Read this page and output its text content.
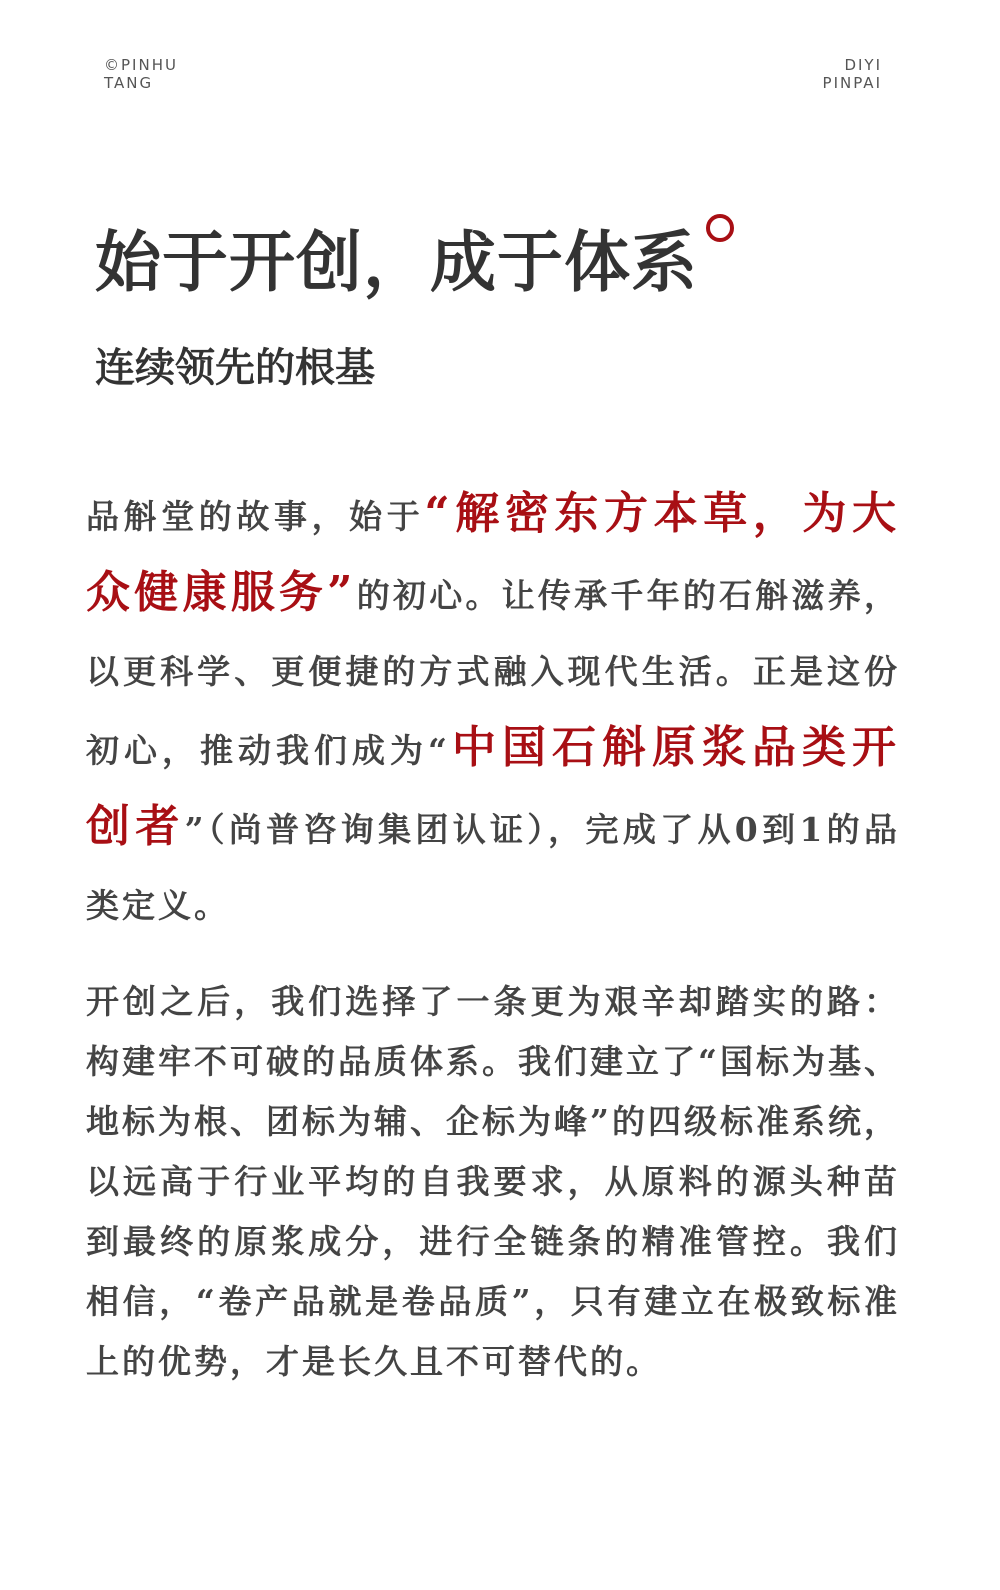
©PINHU
TANG
DIYI
PINPAI
始于开创，成于体系
连续领先的根基

品斛堂的故事，始于“解密东方本草，为大众健康服务”的初心。让传承千年的石斛滋养，以更科学、更便捷的方式融入现代生活。正是这份初心，推动我们成为“中国石斛原浆品类开创者”（尚普咨询集团认证），完成了从0到1的品类定义。

开创之后，我们选择了一条更为艰辛却踏实的路：构建牢不可破的品质体系。我们建立了“国标为基、地标为根、团标为辅、企标为峰”的四级标准系统，以远高于行业平均的自我要求，从原料的源头种苗到最终的原浆成分，进行全链条的精准管控。我们相信，“卷产品就是卷品质”，只有建立在极致标准上的优势，才是长久且不可替代的。
